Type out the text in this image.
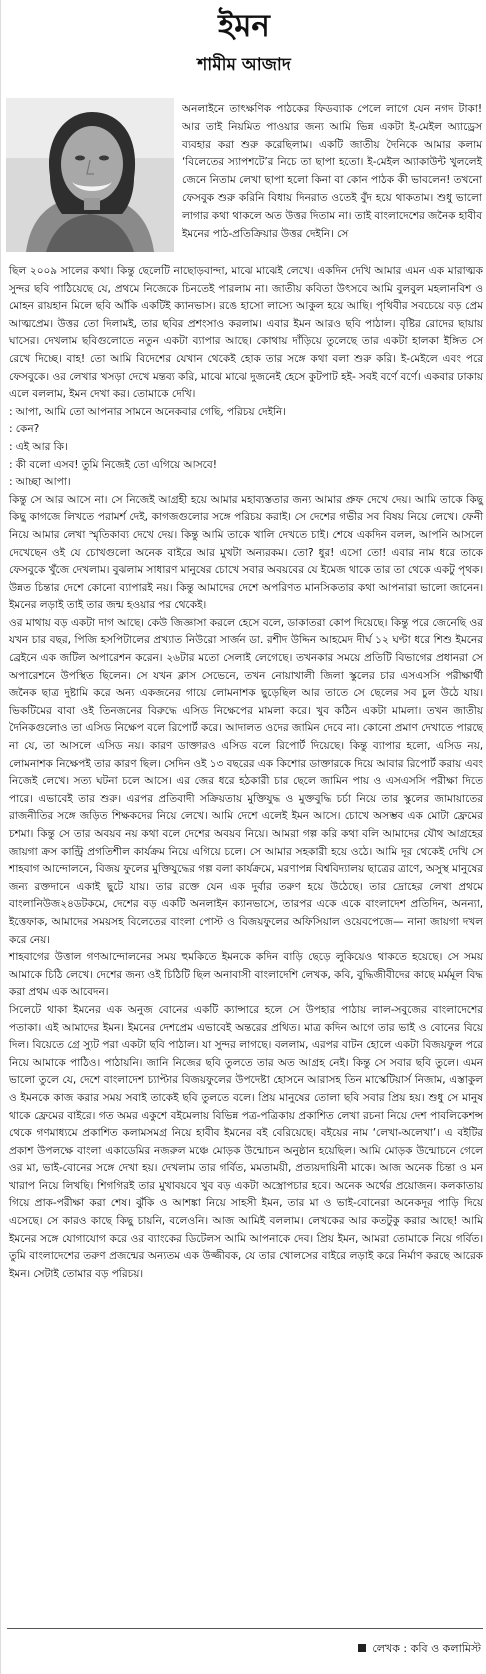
ইমন
শামীম আজাদ
অনলাইনে তাৎক্ষণিক পাঠকের ফিডব্যাক পেলে লাগে যেন নগদ টাকা! আর তাই নিয়মিত পাওয়ার জন্য আমি ভিন্ন একটা ই-মেইল অ্যাড্রেস ব্যবহার করা শুরু করেছিলাম। একটি জাতীয় দৈনিকে আমার কলাম ‘বিলেতের স্যাপশটে’র নিচে তা ছাপা হতো। ই-মেইল অ্যাকাউন্ট খুললেই জেনে নিতাম লেখা ছাপা হলো কিনা বা কোন পাঠক কী ভাবলেন! তখনো ফেসবুক শুরু করিনি বিধায় দিনরাত ওতেই বুঁদ হয়ে থাকতাম। শুধু ভালো লাগার কথা থাকলে অত উত্তর দিতাম না। তাই বাংলাদেশের জনৈক হাবীব ইমনের পাঠ-প্রতিক্রিয়ার উত্তর দেইনি। সে

ছিল ২০০৯ সালের কথা। কিন্তু ছেলেটি নাছোড়বান্দা, মাঝে মাঝেই লেখে। একদিন দেখি আমার এমন এক মারাত্মক সুন্দর ছবি পাঠিয়েছে যে, প্রথমে নিজেকে চিনতেই পারলাম না। জাতীয় কবিতা উৎসবে আমি বুলবুল মহলানবিশ ও মোহন রায়হান মিলে ছবি আঁকি একটিই ক্যানভাস। রঙে হাসো লাস্যে আকুল হয়ে আছি। পৃথিবীর সবচেয়ে বড় প্রেম আত্মপ্রেম। উত্তর তো দিলামই, তার ছবির প্রশংসাও করলাম। এবার ইমন আরও ছবি পাঠাল। বৃষ্টির রোদের ছায়ায় ঘাসের। দেখলাম ছবিগুলোতে নতুন একটা ব্যাপার আছে। কোথায় দাঁড়িয়ে তুলেছে তার একটা হালকা ইঙ্গিত সে রেখে দিচ্ছে। বাহ! তো আমি বিদেশের যেখান থেকেই হোক তার সঙ্গে কথা বলা শুরু করি। ই-মেইলে এবং পরে ফেসবুকে। ওর লেখার খসড়া দেখে মন্তব্য করি, মাঝে মাঝে দুজনেই হেসে কুটপাট হই- সবই বর্ণে বর্ণে। একবার ঢাকায় এলে বললাম, ইমন দেখা কর। তোমাকে দেখি।

: আপা, আমি তো আপনার সামনে অনেকবার গেছি, পরিচয় দেইনি।
: কেন?
: এই আর কি।
: কী বলো এসব! তুমি নিজেই তো এগিয়ে আসবে!
: আচ্ছা আপা।

কিন্তু সে আর আসে না। সে নিজেই আগ্রহী হয়ে আমার মহাব্যস্ততার জন্য আমার প্রুফ দেখে দেয়। আমি তাকে কিছু কিছু কাগজে লিখতে পরামর্শ দেই, কাগজগুলোর সঙ্গে পরিচয় করাই। সে দেশের গভীর সব বিষয় নিয়ে লেখে। ফেনী নিয়ে আমার লেখা স্মৃতিকাব্য দেখে দেয়। কিন্তু আমি তাকে খালি দেখতে চাই। শেষে একদিন বলল, আপনি আসলে দেখেছেন ওই যে চোখগুলো অনেক বাইরে আর মুখটা অন্যরকম। তো? ধুর! এসো তো! এবার নাম ধরে তাকে ফেসবুকে খুঁজে দেখলাম। বুঝলাম সাধারণ মানুষের চোখে সবার অবয়বের যে ইমেজ থাকে তার তা থেকে একটু পৃথক। উন্নত চিন্তার দেশে কোনো ব্যাপারই নয়। কিন্তু আমাদের দেশে অপরিণত মানসিকতার কথা আপনারা ভালো জানেন। ইমনের লড়াই তাই তার জন্ম হওয়ার পর থেকেই।

ওর মাথায় বড় একটা দাগ আছে। কেউ জিজ্ঞাসা করলে হেসে বলে, ডাকাতরা কোপ দিয়েছে। কিন্তু পরে জেনেছি ওর যখন চার বছর, পিজি হসপিটালের প্রখ্যাত নিউরো সার্জন ডা. রশীদ উদ্দিন আহমেদ দীর্ঘ ১২ ঘণ্টা ধরে শিশু ইমনের ব্রেইনে এক জটিল অপারেশন করেন। ২৬টার মতো সেলাই লেগেছে। তখনকার সময়ে প্রতিটি বিভাগের প্রধানরা সে অপারেশনে উপস্থিত ছিলেন। সে যখন ক্লাস সেভেনে, তখন নোয়াখালী জিলা স্কুলের চার এসএসসি পরীক্ষার্থী জনৈক ছাত্র দুষ্টামি করে অন্য একজনের গায়ে লোমনাশক ছুড়েছিল আর তাতে সে ছেলের সব চুল উঠে যায়। ভিকটিমের বাবা ওই তিনজনের বিরুদ্ধে এসিড নিক্ষেপের মামলা করে। খুব কঠিন একটা মামলা। তখন জাতীয় দৈনিকগুলোও তা এসিড নিক্ষেপ বলে রিপোর্ট করে। আদালত ওদের জামিন দেবে না। কোনো প্রমাণ দেখাতে পারছে না যে, তা আসলে এসিড নয়। কারণ ডাক্তারও এসিড বলে রিপোর্ট দিয়েছে। কিন্তু ব্যাপার হলো, এসিড নয়, লোমনাশক নিক্ষেপই তার কারণ ছিল। সেদিন ওই ১৩ বছরের এক কিশোর ডাক্তারকে দিয়ে আবার রিপোর্ট করায় এবং নিজেই লেখে। সত্য ঘটনা চলে আসে। এর জের ধরে হঠকারী চার ছেলে জামিন পায় ও এসএসসি পরীক্ষা দিতে পারে। এভাবেই তার শুরু। এরপর প্রতিবাদী সক্রিয়তায় মুক্তিযুদ্ধ ও মুক্তবুদ্ধি চর্চা নিয়ে তার স্কুলের জামায়াতের রাজনীতির সঙ্গে জড়িত শিক্ষকদের নিয়ে লেখে। আমি দেশে এলেই ইমন আসে। চোখে অসম্ভব এক মোটা ফ্রেমের চশমা। কিন্তু সে তার অবয়ব নয় কথা বলে দেশের অবয়ব নিয়ে। আমরা গল্প করি কথা বলি আমাদের যৌথ আগ্রহের জায়গা ক্রস কান্ট্রি প্রগতিশীল কার্যক্রম নিয়ে এগিয়ে চলে। সে আমার সহকারী হয়ে ওঠে। আমি দূর থেকেই দেখি সে শাহবাগ আন্দোলনে, বিজয় ফুলের মুক্তিযুদ্ধের গল্প বলা কার্যক্রমে, মরণাপন্ন বিশ্ববিদ্যালয় ছাত্রের ত্রাণে, অসুস্থ মানুষের জন্য রক্তদানে একাই ছুটে যায়। তার রক্তে যেন এক দুর্বার তরুণ হয়ে উঠেছে। তার দ্রোহের লেখা প্রথমে বাংলানিউজ২৪ডটকমে, দেশের বড় একটি অনলাইন ক্যানভাসে, তারপর একে একে বাংলাদেশ প্রতিদিন, অনন্যা, ইত্তেফাক, আমাদের সময়সহ বিলেতের বাংলা পোস্ট ও বিজয়ফুলের অফিসিয়াল ওয়েবপেজে— নানা জায়গা দখল করে নেয়।

শাহবাগের উত্তাল গণআন্দোলনের সময় হুমকিতে ইমনকে কদিন বাড়ি ছেড়ে লুকিয়েও থাকতে হয়েছে। সে সময় আমাকে চিঠি লেখে। দেশের জন্য ওই চিঠিটি ছিল অনাবাসী বাংলাদেশি লেখক, কবি, বুদ্ধিজীবীদের কাছে মর্মমূল বিদ্ধ করা প্রথম এক আবেদন।

সিলেটে থাকা ইমনের এক অনুজ বোনের একটি ক্যান্সারে হলে সে উপহার পাঠায় লাল-সবুজের বাংলাদেশের পতাকা। এই আমাদের ইমন। ইমনের দেশপ্রেম এভাবেই অন্তরের প্রথিত। মাত্র কদিন আগে তার ভাই ও বোনের বিয়ে দিল। বিয়েতে গ্রে স্যুট পরা একটা ছবি পাঠাল। যা সুন্দর লাগছে। বললাম, এরপর বাটন হোলে একটা বিজয়ফুল পরে নিয়ে আমাকে পাঠিও। পাঠায়নি। জানি নিজের ছবি তুলতে তার অত আগ্রহ নেই। কিন্তু সে সবার ছবি তুলে। এমন ভালো তুলে যে, দেশে বাংলাদেশ চ্যাপ্টার বিজয়ফুলের উপদেষ্টা হোসনে আরাসহ তিন মাস্কেটিয়ার্স নিজাম, এস্তাকুল ও ইমনকে কাজ করার সময় সবাই তাকেই ছবি তুলতে বলে। প্রিয় মানুষের তোলা ছবি সবার প্রিয় হয়। শুধু সে মানুষ থাকে ফ্রেমের বাইরে। গত অমর একুশে বইমেলায় বিভিন্ন পত্র-পত্রিকায় প্রকাশিত লেখা রচনা নিয়ে দেশ পাবলিকেশন্স থেকে গণমাধ্যমে প্রকাশিত কলামসমগ্র নিয়ে হাবীব ইমনের বই বেরিয়েছে। বইয়ের নাম ‘লেখা-অলেখা’। এ বইটির প্রকাশ উপলক্ষে বাংলা একাডেমির নজরুল মঞ্চে মোড়ক উন্মোচন অনুষ্ঠান হয়েছিল। আমি মোড়ক উন্মোচনে গেলে ওর মা, ভাই-বোনের সঙ্গে দেখা হয়। দেখলাম তার গর্বিত, মমতাময়ী, প্রত্যয়দায়িনী মাকে। আজ অনেক চিন্তা ও মন খারাপ নিয়ে লিখছি। শিগগিরই তার মুখাবয়বে খুব বড় একটা অস্ত্রোপচার হবে। অনেক অর্থের প্রয়োজন। কলকাতায় গিয়ে প্রাক-পরীক্ষা করা শেষ। ঝুঁকি ও আশঙ্কা নিয়ে সাহসী ইমন, তার মা ও ভাই-বোনেরা অনেকদূর পাড়ি দিয়ে এসেছে। সে কারও কাছে কিছু চায়নি, বলেওনি। আজ আমিই বললাম। লেখকের আর কতটুকু করার আছে! আমি ইমনের সঙ্গে যোগাযোগ করে ওর ব্যাংকের ডিটেলস আমি আপনাকে দেব। প্রিয় ইমন, আমরা তোমাকে নিয়ে গর্বিত। তুমি বাংলাদেশের তরুণ প্রজন্মের অন্যতম এক উজ্জীবক, যে তার খোলসের বাইরে লড়াই করে নির্মাণ করছে আরেক ইমন। সেটাই তোমার বড় পরিচয়।

লেখক : কবি ও কলামিস্ট
